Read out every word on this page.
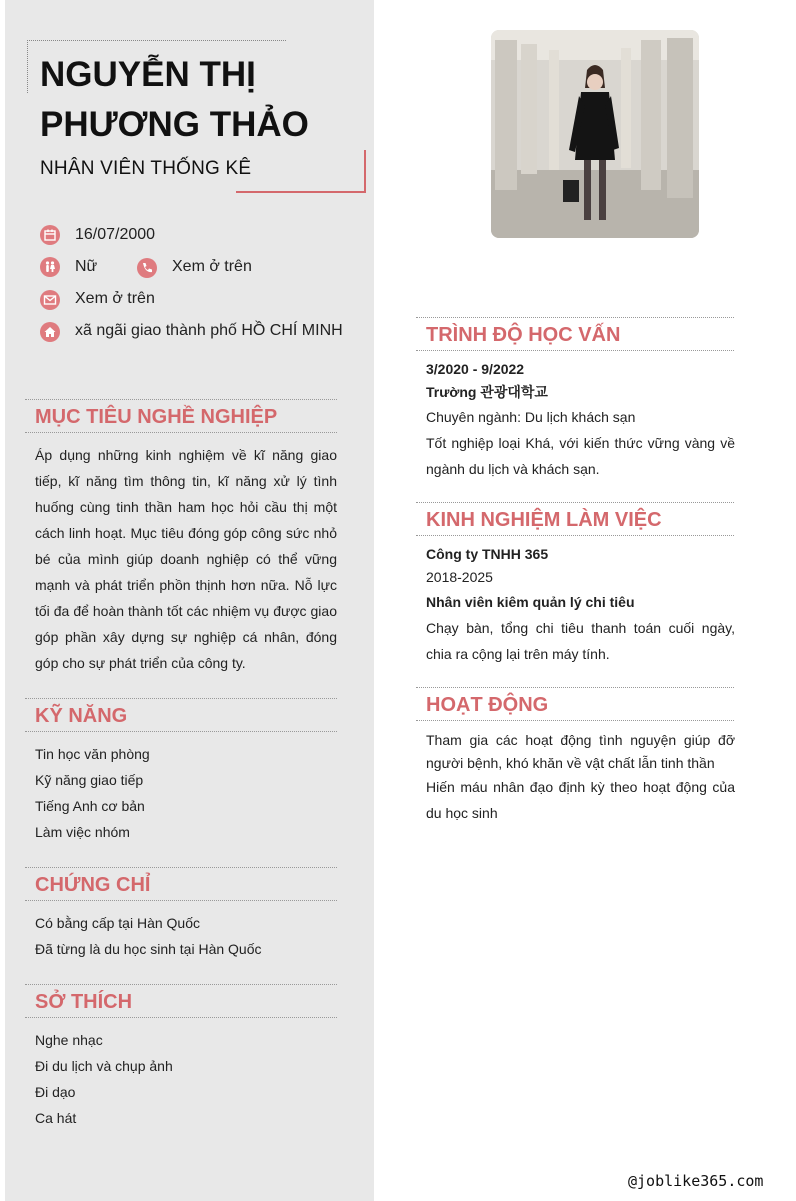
NGUYỄN THỊ
PHƯƠNG THẢO
NHÂN VIÊN THỐNG KÊ
16/07/2000
Nữ	Xem ở trên
Xem ở trên
xã ngãi giao thành phố HỒ CHÍ MINH
MỤC TIÊU NGHỀ NGHIỆP
Áp dụng những kinh nghiệm về kĩ năng giao tiếp, kĩ năng tìm thông tin, kĩ năng xử lý tình huống cùng tinh thần ham học hỏi cầu thị một cách linh hoạt. Mục tiêu đóng góp công sức nhỏ bé của mình giúp doanh nghiệp có thể vững mạnh và phát triển phồn thịnh hơn nữa. Nỗ lực tối đa để hoàn thành tốt các nhiệm vụ được giao góp phần xây dựng sự nghiệp cá nhân, đóng góp cho sự phát triển của công ty.
KỸ NĂNG
Tin học văn phòng
Kỹ năng giao tiếp
Tiếng Anh cơ bản
Làm việc nhóm
CHỨNG CHỈ
Có bằng cấp tại Hàn Quốc
Đã từng là du học sinh tại Hàn Quốc
SỞ THÍCH
Nghe nhạc
Đi du lịch và chụp ảnh
Đi dạo
Ca hát
TRÌNH ĐỘ HỌC VẤN
3/2020 - 9/2022
Trường 관광대학교
Chuyên ngành: Du lịch khách sạn
Tốt nghiệp loại Khá, với kiến thức vững vàng về ngành du lịch và khách sạn.
KINH NGHIỆM LÀM VIỆC
Công ty TNHH 365
2018-2025
Nhân viên kiêm quản lý chi tiêu
Chạy bàn, tổng chi tiêu thanh toán cuối ngày, chia ra cộng lại trên máy tính.
HOẠT ĐỘNG
Tham gia các hoạt động tình nguyện giúp đỡ người bệnh, khó khăn về vật chất lẫn tinh thần
Hiến máu nhân đạo định kỳ theo hoạt động của du học sinh
@joblike365.com
